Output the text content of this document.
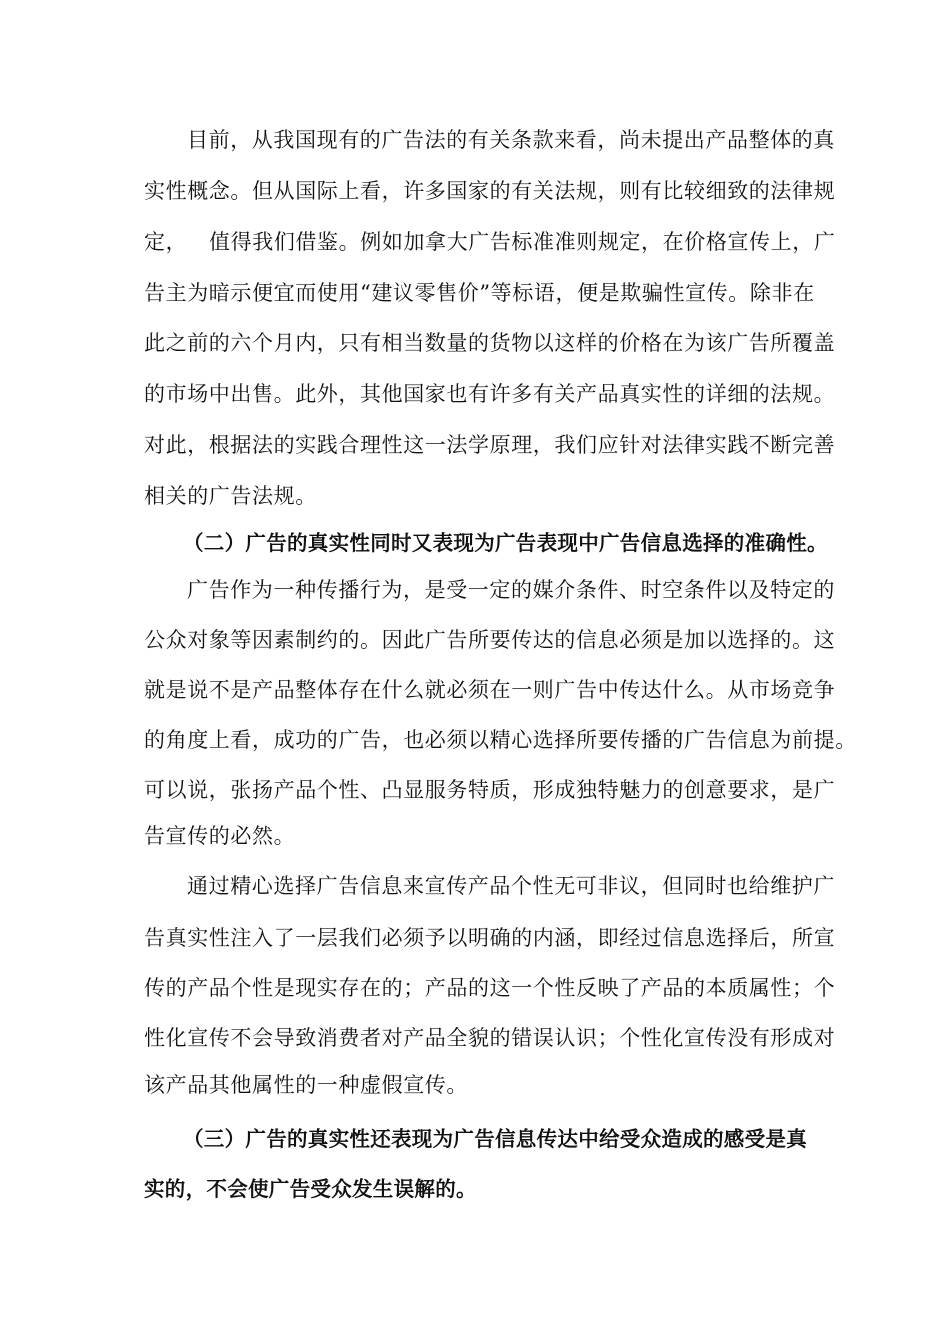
目前，从我国现有的广告法的有关条款来看，尚未提出产品整体的真
实性概念。但从国际上看，许多国家的有关法规，则有比较细致的法律规
定，   值得我们借鉴。例如加拿大广告标准准则规定，在价格宣传上，广
告主为暗示便宜而使用“建议零售价”等标语，便是欺骗性宣传。除非在
此之前的六个月内，只有相当数量的货物以这样的价格在为该广告所覆盖
的市场中出售。此外，其他国家也有许多有关产品真实性的详细的法规。
对此，根据法的实践合理性这一法学原理，我们应针对法律实践不断完善
相关的广告法规。
（二）广告的真实性同时又表现为广告表现中广告信息选择的准确性。
广告作为一种传播行为，是受一定的媒介条件、时空条件以及特定的
公众对象等因素制约的。因此广告所要传达的信息必须是加以选择的。这
就是说不是产品整体存在什么就必须在一则广告中传达什么。从市场竞争
的角度上看，成功的广告，也必须以精心选择所要传播的广告信息为前提。
可以说，张扬产品个性、凸显服务特质，形成独特魅力的创意要求，是广
告宣传的必然。
通过精心选择广告信息来宣传产品个性无可非议，但同时也给维护广
告真实性注入了一层我们必须予以明确的内涵，即经过信息选择后，所宣
传的产品个性是现实存在的；产品的这一个性反映了产品的本质属性；个
性化宣传不会导致消费者对产品全貌的错误认识；个性化宣传没有形成对
该产品其他属性的一种虚假宣传。
（三）广告的真实性还表现为广告信息传达中给受众造成的感受是真
实的，不会使广告受众发生误解的。
